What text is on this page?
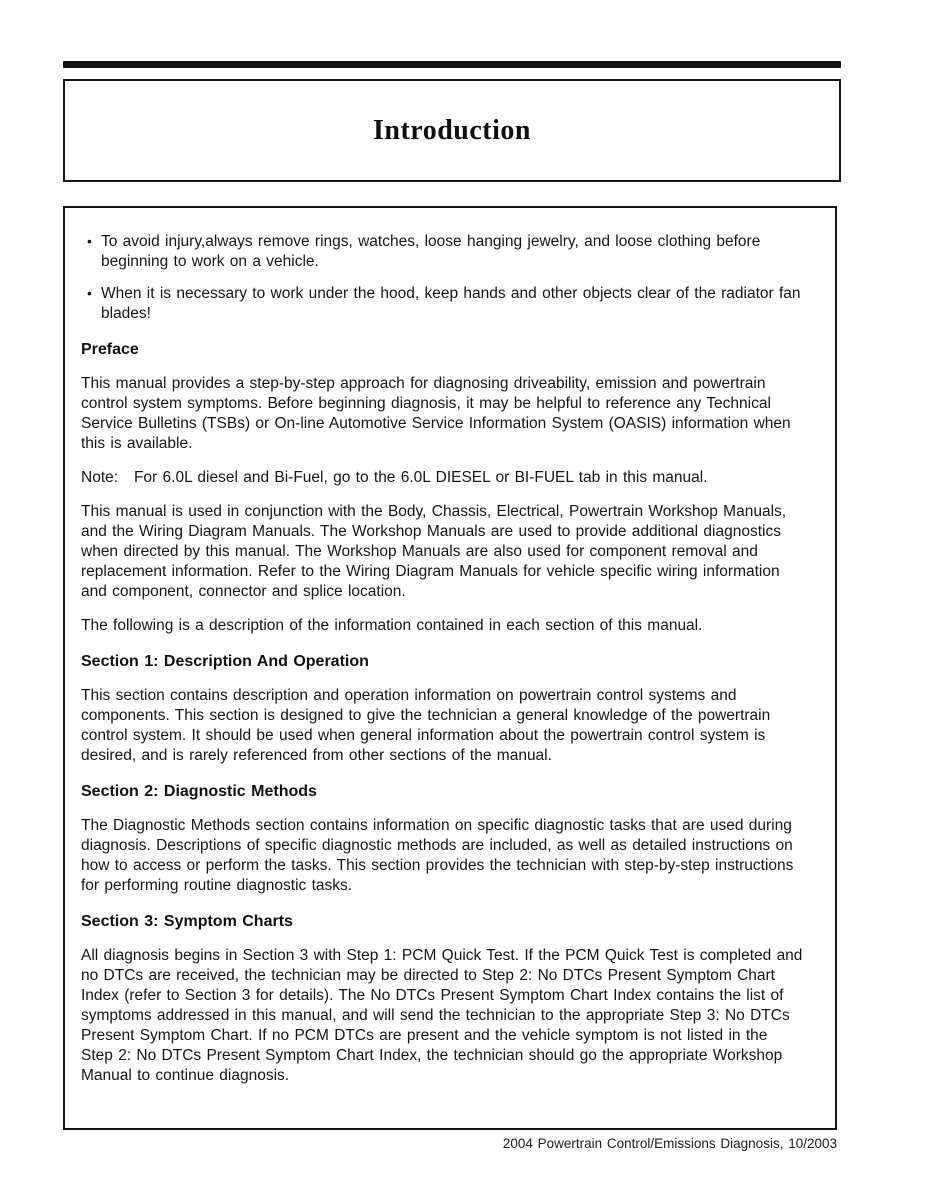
Introduction
• To avoid injury,always remove rings, watches, loose hanging jewelry, and loose clothing before beginning to work on a vehicle.
• When it is necessary to work under the hood, keep hands and other objects clear of the radiator fan blades!
Preface

This manual provides a step-by-step approach for diagnosing driveability, emission and powertrain control system symptoms. Before beginning diagnosis, it may be helpful to reference any Technical Service Bulletins (TSBs) or On-line Automotive Service Information System (OASIS) information when this is available.

Note:   For 6.0L diesel and Bi-Fuel, go to the 6.0L DIESEL or BI-FUEL tab in this manual.

This manual is used in conjunction with the Body, Chassis, Electrical, Powertrain Workshop Manuals, and the Wiring Diagram Manuals. The Workshop Manuals are used to provide additional diagnostics when directed by this manual. The Workshop Manuals are also used for component removal and replacement information. Refer to the Wiring Diagram Manuals for vehicle specific wiring information and component, connector and splice location.

The following is a description of the information contained in each section of this manual.

Section 1: Description And Operation

This section contains description and operation information on powertrain control systems and components. This section is designed to give the technician a general knowledge of the powertrain control system. It should be used when general information about the powertrain control system is desired, and is rarely referenced from other sections of the manual.

Section 2: Diagnostic Methods

The Diagnostic Methods section contains information on specific diagnostic tasks that are used during diagnosis. Descriptions of specific diagnostic methods are included, as well as detailed instructions on how to access or perform the tasks. This section provides the technician with step-by-step instructions for performing routine diagnostic tasks.

Section 3: Symptom Charts

All diagnosis begins in Section 3 with Step 1: PCM Quick Test. If the PCM Quick Test is completed and no DTCs are received, the technician may be directed to Step 2: No DTCs Present Symptom Chart Index (refer to Section 3 for details). The No DTCs Present Symptom Chart Index contains the list of symptoms addressed in this manual, and will send the technician to the appropriate Step 3: No DTCs Present Symptom Chart. If no PCM DTCs are present and the vehicle symptom is not listed in the Step 2: No DTCs Present Symptom Chart Index, the technician should go the appropriate Workshop Manual to continue diagnosis.

2004 Powertrain Control/Emissions Diagnosis, 10/2003
